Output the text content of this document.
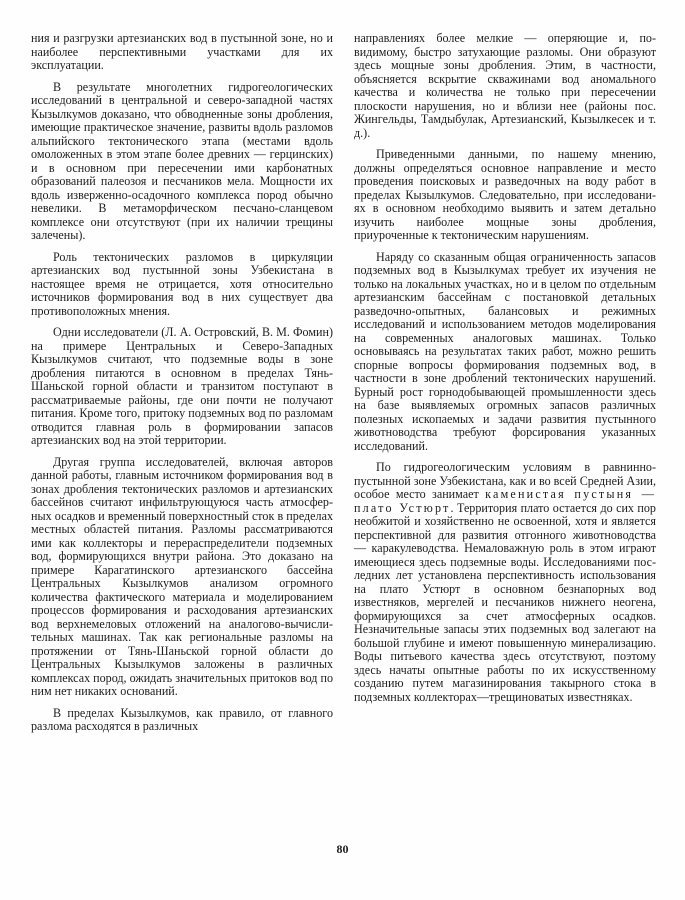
ния и разгрузки артезианских вод в пустынной зоне, но и наиболее перспективными участками для их эксплуатации.

В результате многолетних гидрогеологических исследований в центральной и северо-западной частях Кызылкумов доказано, что обводненные зоны дробления, имеющие практическое значение, развиты вдоль разломов альпийского тектонического этапа (местами вдоль омоложенных в этом этапе более древних — герцинских) и в основном при пересечении ими карбонатных образований палеозоя и песчаников мела. Мощности их вдоль изверженно-осадочного комплекса пород обычно невелики. В метаморфическом песчано-сланцевом комплексе они отсутствуют (при их наличии трещины залечены).

Роль тектонических разломов в циркуляции артезианских вод пустынной зоны Узбекистана в настоящее время не отрицается, хотя относительно источников формирования вод в них существует два противоположных мнения.

Одни исследователи (Л. А. Островский, В. М. Фомин) на примере Центральных и Северо-Западных Кызылкумов считают, что подземные воды в зоне дробления питаются в основном в пределах Тянь-Шаньской горной области и транзитом поступают в рассматриваемые районы, где они почти не получают питания. Кроме того, притоку подземных вод по разломам отводится главная роль в формировании запасов артезианских вод на этой территории.

Другая группа исследователей, включая авторов данной работы, главным источником формирования вод в зонах дробления тектонических разломов и артезианских бассейнов считают инфильтрующуюся часть атмосферных осадков и временный поверхностный сток в пределах местных областей питания. Разломы рассматриваются ими как коллекторы и перераспределители подземных вод, формирующихся внутри района. Это доказано на примере Карагатинского артезианского бассейна Центральных Кызылкумов анализом огромного количества фактического материала и моделированием процессов формирования и расходования артезианских вод верхнемеловых отложений на аналогово-вычислительных машинах. Так как региональные разломы на протяжении от Тянь-Шаньской горной области до Центральных Кызылкумов заложены в различных комплексах пород, ожидать значительных притоков вод по ним нет никаких оснований.

В пределах Кызылкумов, как правило, от главного разлома расходятся в различных

направлениях более мелкие — оперяющие и, по-видимому, быстро затухающие разломы. Они образуют здесь мощные зоны дробления. Этим, в частности, объясняется вскрытие скважинами вод аномального качества и количества не только при пересечении плоскости нарушения, но и вблизи нее (районы пос. Жингельды, Тамдыбулак, Артезианский, Кызылкесек и т. д.).

Приведенными данными, по нашему мнению, должны определяться основное направление и место проведения поисковых и разведочных на воду работ в пределах Кызылкумов. Следовательно, при исследованиях в основном необходимо выявить и затем детально изучить наиболее мощные зоны дробления, приуроченные к тектоническим нарушениям.

Наряду со сказанным общая ограниченность запасов подземных вод в Кызылкумах требует их изучения не только на локальных участках, но и в целом по отдельным артезианским бассейнам с постановкой детальных разведочно-опытных, балансовых и режимных исследований и использованием методов моделирования на современных аналоговых машинах. Только основываясь на результатах таких работ, можно решить спорные вопросы формирования подземных вод, в частности в зоне дроблений тектонических нарушений. Бурный рост горнодобывающей промышленности здесь на базе выявляемых огромных запасов различных полезных ископаемых и задачи развития пустынного животноводства требуют форсирования указанных исследований.

По гидрогеологическим условиям в равнинно-пустынной зоне Узбекистана, как и во всей Средней Азии, особое место занимает каменистая пустыня — плато Устюрт. Территория плато остается до сих пор необжитой и хозяйственно не освоенной, хотя и является перспективной для развития отгонного животноводства — каракулеводства. Немаловажную роль в этом играют имеющиеся здесь подземные воды. Исследованиями последних лет установлена перспективность использования на плато Устюрт в основном безнапорных вод известняков, мергелей и песчаников нижнего неогена, формирующихся за счет атмосферных осадков. Незначительные запасы этих подземных вод залегают на большой глубине и имеют повышенную минерализацию. Воды питьевого качества здесь отсутствуют, поэтому здесь начаты опытные работы по их искусственному созданию путем магазинирования такырного стока в подземных коллекторах—трещиноватых известняках.

80
